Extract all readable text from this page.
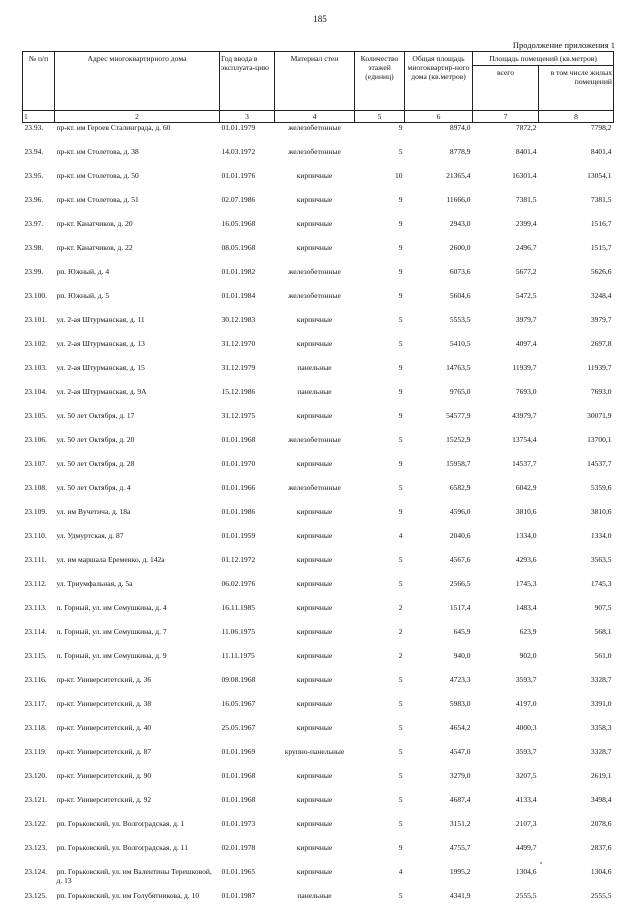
185
Продолжение приложения 1
№ п/п	Адрес многоквартирного дома	Год ввода в эксплуата-цию	Материал стен	Количество этажей (единиц)	Общая площадь многоквартир-ного дома (кв.метров)	Площадь помещений (кв.метров)	
						всего	в том числе жилых помещений
1	2	3	4	5	6	7	8
23.93.	пр-кт. им Героев Сталинграда, д. 60	01.01.1979	железобетонные	9	8974,0	7872,2	7798,2
23.94.	пр-кт. им Столетова, д. 38	14.03.1972	железобетонные	5	8778,9	8401,4	8401,4
23.95.	пр-кт. им Столетова, д. 50	01.01.1976	кирпичные	10	21365,4	16301,4	13054,1
23.96.	пр-кт. им Столетова, д. 51	02.07.1986	кирпичные	9	11666,0	7381,5	7381,5
23.97.	пр-кт. Канатчиков, д. 20	16.05.1968	кирпичные	9	2943,0	2399,4	1516,7
23.98.	пр-кт. Канатчиков, д. 22	08.05.1968	кирпичные	9	2600,0	2496,7	1515,7
23.99.	рп. Южный, д. 4	01.01.1982	железобетонные	9	6073,6	5677,2	5626,6
23.100.	рп. Южный, д. 5	01.01.1984	железобетонные	9	5604,6	5472,5	3248,4
23.101.	ул. 2-ая Штурманская, д. 11	30.12.1983	кирпичные	5	5553,5	3979,7	3979,7
23.102.	ул. 2-ая Штурманская, д. 13	31.12.1970	кирпичные	5	5410,5	4097,4	2697,8
23.103.	ул. 2-ая Штурманская, д. 15	31.12.1979	панельные	9	14763,5	11939,7	11939,7
23.104.	ул. 2-ая Штурманская, д. 9А	15.12.1986	панельные	9	9765,0	7693,0	7693,0
23.105.	ул. 50 лет Октября, д. 17	31.12.1975	кирпичные	9	54577,9	43979,7	30071,9
23.106.	ул. 50 лет Октября, д. 20	01.01.1968	железобетонные	5	15252,9	13754,4	13700,1
23.107.	ул. 50 лет Октября, д. 28	01.01.1970	кирпичные	9	15958,7	14537,7	14537,7
23.108.	ул. 50 лет Октября, д. 4	01.01.1966	железобетонные	5	6582,9	6042,9	5359,6
23.109.	ул. им Вучетича, д. 18а	01.01.1986	кирпичные	9	4596,0	3810,6	3810,6
23.110.	ул. Удмуртская, д. 87	01.01.1959	кирпичные	4	2040,6	1334,0	1334,0
23.111.	ул. им маршала Еременко, д. 142а	01.12.1972	кирпичные	5	4567,6	4293,6	3563,5
23.112.	ул. Триумфальная, д. 5а	06.02.1976	кирпичные	5	2566,5	1745,3	1745,3
23.113.	п. Горный, ул. им Семушкина, д. 4	16.11.1985	кирпичные	2	1517,4	1483,4	907,5
23.114.	п. Горный, ул. им Семушкина, д. 7	11.06.1975	кирпичные	2	645,9	623,9	568,1
23.115.	п. Горный, ул. им Семушкина, д. 9	11.11.1975	кирпичные	2	940,0	902,0	561,0
23.116.	пр-кт. Университетский, д. 36	09.08.1968	кирпичные	5	4723,3	3593,7	3328,7
23.117.	пр-кт. Университетский, д. 38	16.05.1967	кирпичные	5	5983,0	4197,0	3391,0
23.118.	пр-кт. Университетский, д. 40	25.05.1967	кирпичные	5	4654,2	4000,3	3358,3
23.119.	пр-кт. Университетский, д. 87	01.01.1969	крупно-панельные	5	4547,0	3593,7	3328,7
23.120.	пр-кт. Университетский, д. 90	01.01.1968	кирпичные	5	3279,0	3207,5	2619,1
23.121.	пр-кт. Университетский, д. 92	01.01.1968	кирпичные	5	4687,4	4133,4	3498,4
23.122.	рп. Горьковский, ул. Волгоградская, д. 1	01.01.1973	кирпичные	5	3151,2	2107,3	2078,6
23.123.	рп. Горьковский, ул. Волгоградская, д. 11	02.01.1978	кирпичные	9	4755,7	4499,7	2837,6
23.124.	рп. Горьковский, ул. им Валентины Терешковой, д. 13	01.01.1965	кирпичные	4	1995,2	1304,6	1304,6
23.125.	рп. Горьковский, ул. им Голубятникова, д. 10	01.01.1987	панельные	5	4341,9	2555,5	2555,5
